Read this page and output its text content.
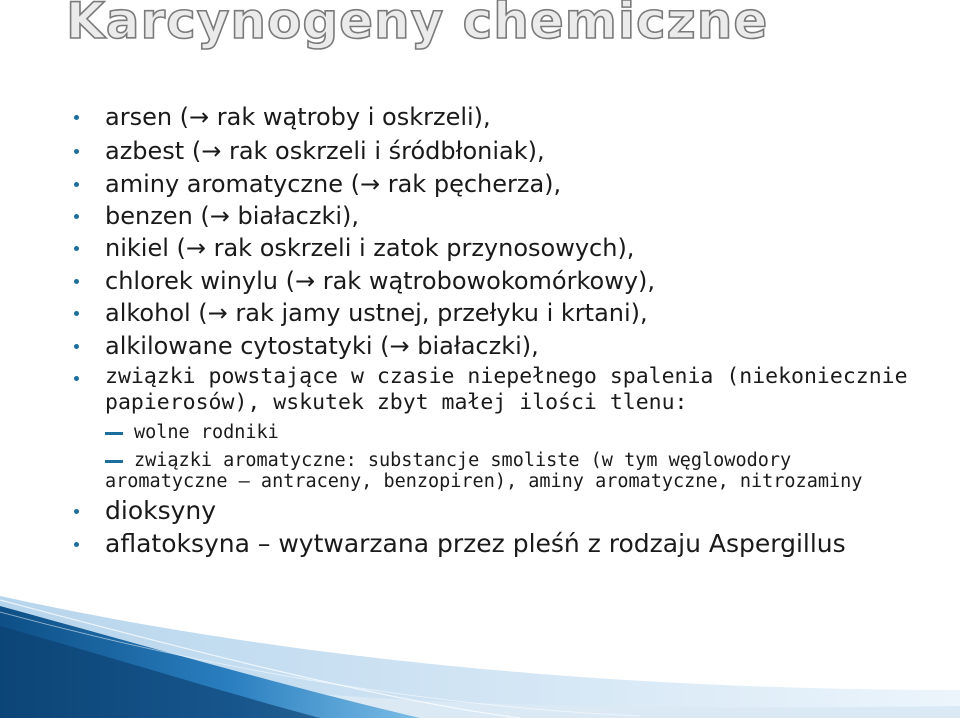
Karcynogeny chemiczne
arsen (→ rak wątroby i oskrzeli),
azbest (→ rak oskrzeli i śródbłoniak),
aminy aromatyczne (→ rak pęcherza),
benzen (→ białaczki),
nikiel (→ rak oskrzeli i zatok przynosowych),
chlorek winylu (→ rak wątrobowokomórkowy),
alkohol (→ rak jamy ustnej, przełyku i krtani),
alkilowane cytostatyki (→ białaczki),
związki powstające w czasie niepełnego spalenia (niekoniecznie
papierosów), wskutek zbyt małej ilości tlenu:
wolne rodniki
związki aromatyczne: substancje smoliste (w tym węglowodory
aromatyczne – antraceny, benzopiren), aminy aromatyczne, nitrozaminy
dioksyny
aflatoksyna – wytwarzana przez pleśń z rodzaju Aspergillus
